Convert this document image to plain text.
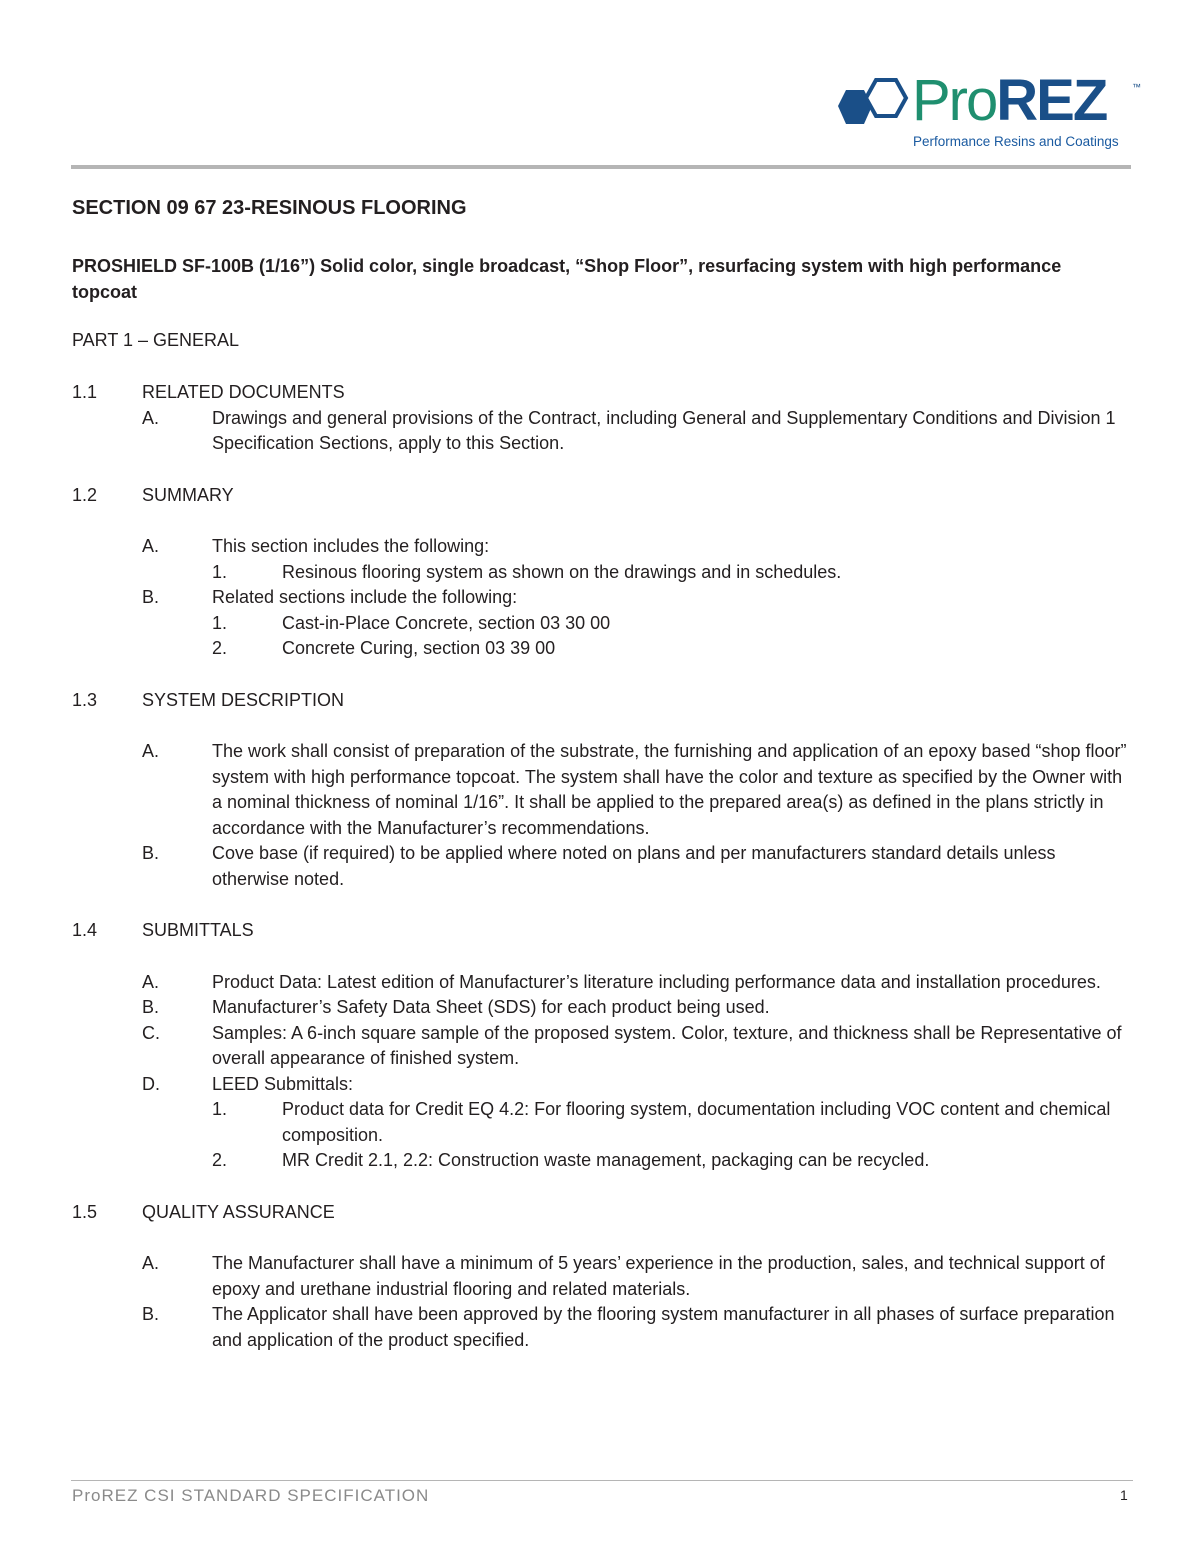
ProREZ	™
Performance Resins and Coatings
SECTION 09 67 23-RESINOUS FLOORING
PROSHIELD SF-100B (1/16”) Solid color, single broadcast, “Shop Floor”, resurfacing system with high performance topcoat
PART 1 – GENERAL
1.1 RELATED DOCUMENTS

A.	Drawings and general provisions of the Contract, including General and Supplementary Conditions and Division 1 Specification Sections, apply to this Section.

1.2 SUMMARY

A.	This section includes the following:

1.	Resinous flooring system as shown on the drawings and in schedules.

B.	Related sections include the following:

1.	Cast-in-Place Concrete, section 03 30 00

2.	Concrete Curing, section 03 39 00

1.3 SYSTEM DESCRIPTION

A.	The work shall consist of preparation of the substrate, the furnishing and application of an epoxy based “shop floor” system with high performance topcoat. The system shall have the color and texture as specified by the Owner with a nominal thickness of nominal 1/16”. It shall be applied to the prepared area(s) as defined in the plans strictly in accordance with the Manufacturer’s recommendations.

B.	Cove base (if required) to be applied where noted on plans and per manufacturers standard details unless otherwise noted.

1.4 SUBMITTALS

A.	Product Data: Latest edition of Manufacturer’s literature including performance data and installation procedures.

B.	Manufacturer’s Safety Data Sheet (SDS) for each product being used.

C.	Samples: A 6-inch square sample of the proposed system. Color, texture, and thickness shall be Representative of overall appearance of finished system.

D.	LEED Submittals:

1.	Product data for Credit EQ 4.2: For flooring system, documentation including VOC content and chemical composition.

2.	MR Credit 2.1, 2.2: Construction waste management, packaging can be recycled.

1.5 QUALITY ASSURANCE

A.	The Manufacturer shall have a minimum of 5 years’ experience in the production, sales, and technical support of epoxy and urethane industrial flooring and related materials.

B.	The Applicator shall have been approved by the flooring system manufacturer in all phases of surface preparation and application of the product specified.

ProREZ CSI STANDARD SPECIFICATION	1
